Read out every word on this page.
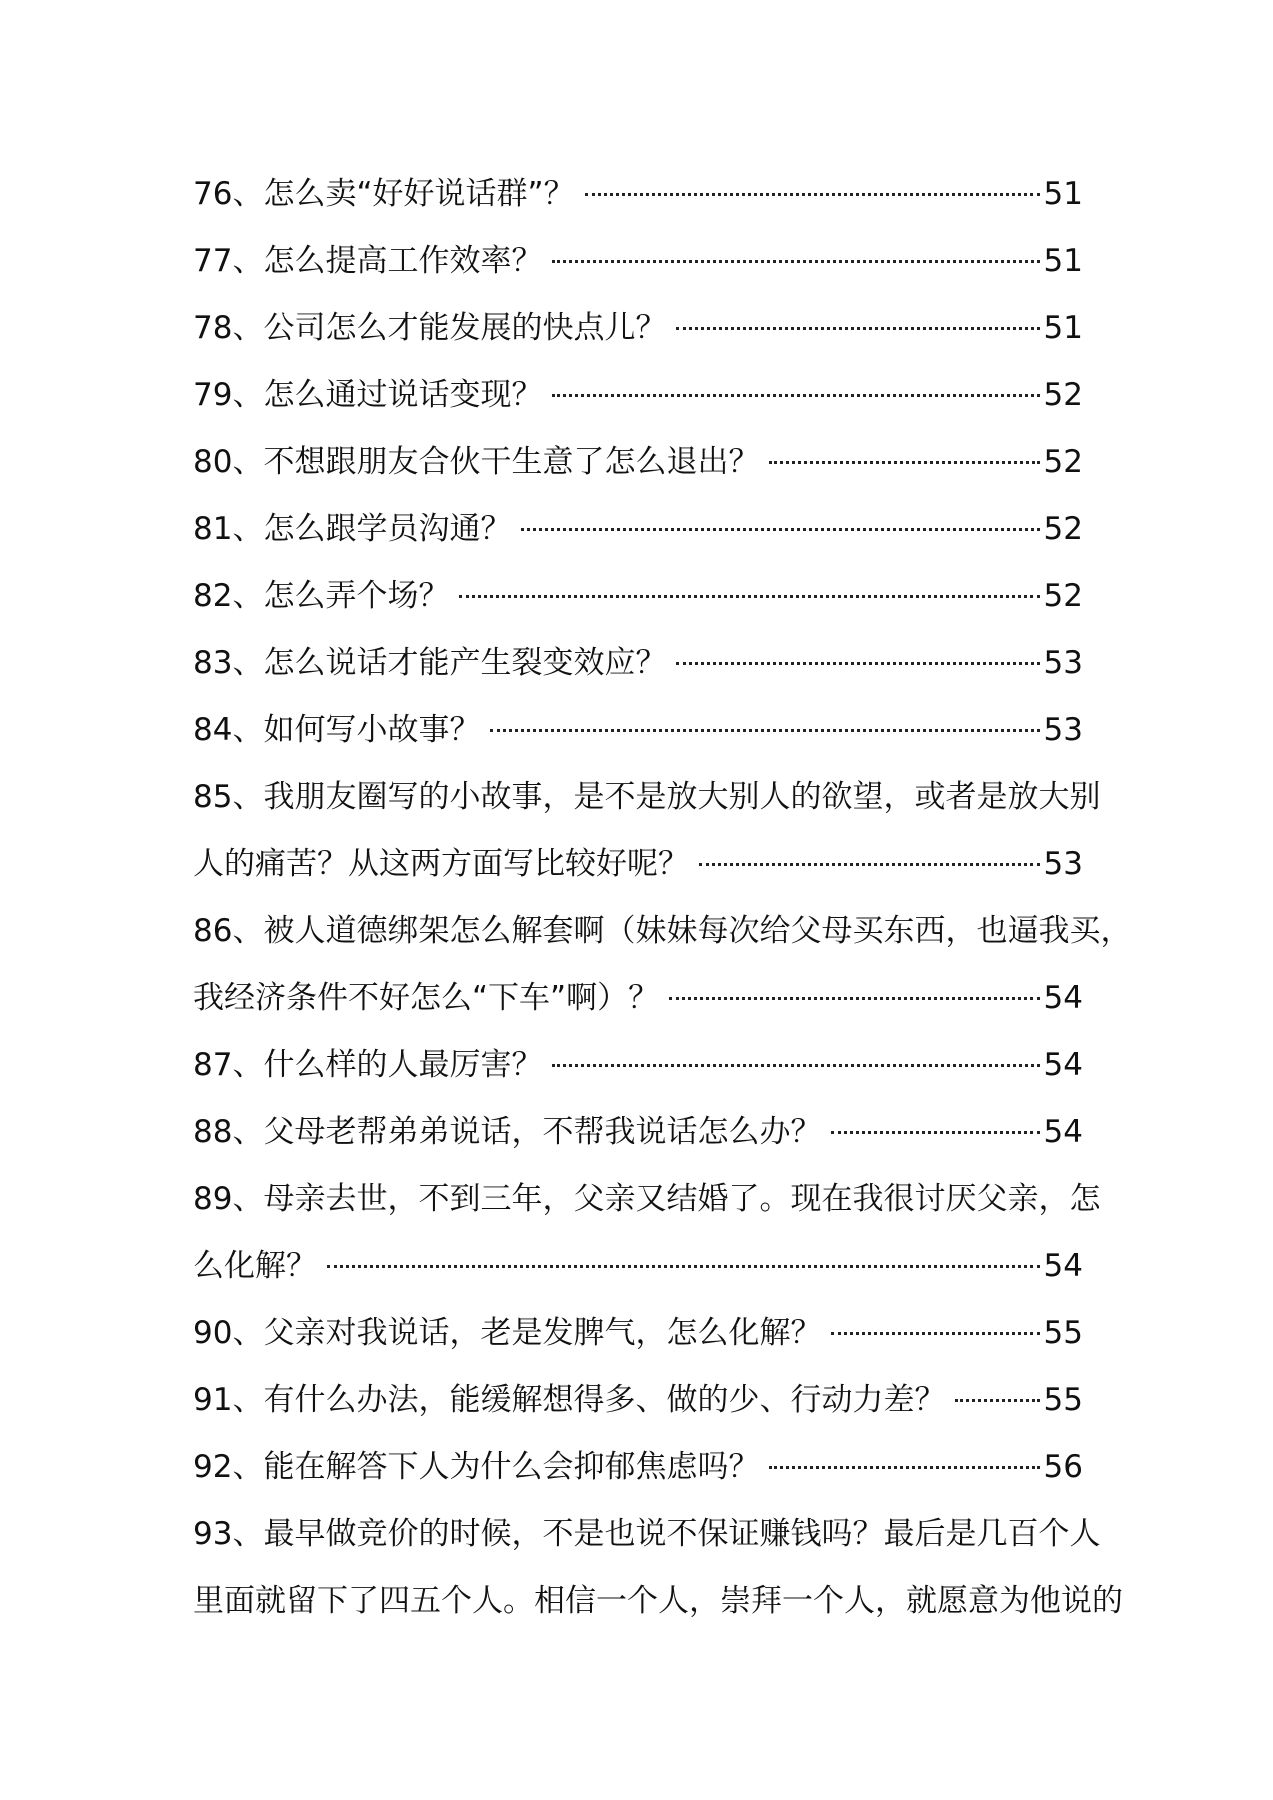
76、怎么卖“好好说话群”？	51
77、怎么提高工作效率？	51
78、公司怎么才能发展的快点儿？	51
79、怎么通过说话变现？	52
80、不想跟朋友合伙干生意了怎么退出？	52
81、怎么跟学员沟通？	52
82、怎么弄个场？	52
83、怎么说话才能产生裂变效应？	53
84、如何写小故事？	53
85、我朋友圈写的小故事，是不是放大别人的欲望，或者是放大别
人的痛苦？从这两方面写比较好呢？	53
86、被人道德绑架怎么解套啊（妹妹每次给父母买东西，也逼我买，
我经济条件不好怎么“下车”啊）？	54
87、什么样的人最厉害？	54
88、父母老帮弟弟说话，不帮我说话怎么办？	54
89、母亲去世，不到三年，父亲又结婚了。现在我很讨厌父亲，怎
么化解？	54
90、父亲对我说话，老是发脾气，怎么化解？	55
91、有什么办法，能缓解想得多、做的少、行动力差？	55
92、能在解答下人为什么会抑郁焦虑吗？	56
93、最早做竞价的时候，不是也说不保证赚钱吗？最后是几百个人
里面就留下了四五个人。相信一个人，崇拜一个人，就愿意为他说的
